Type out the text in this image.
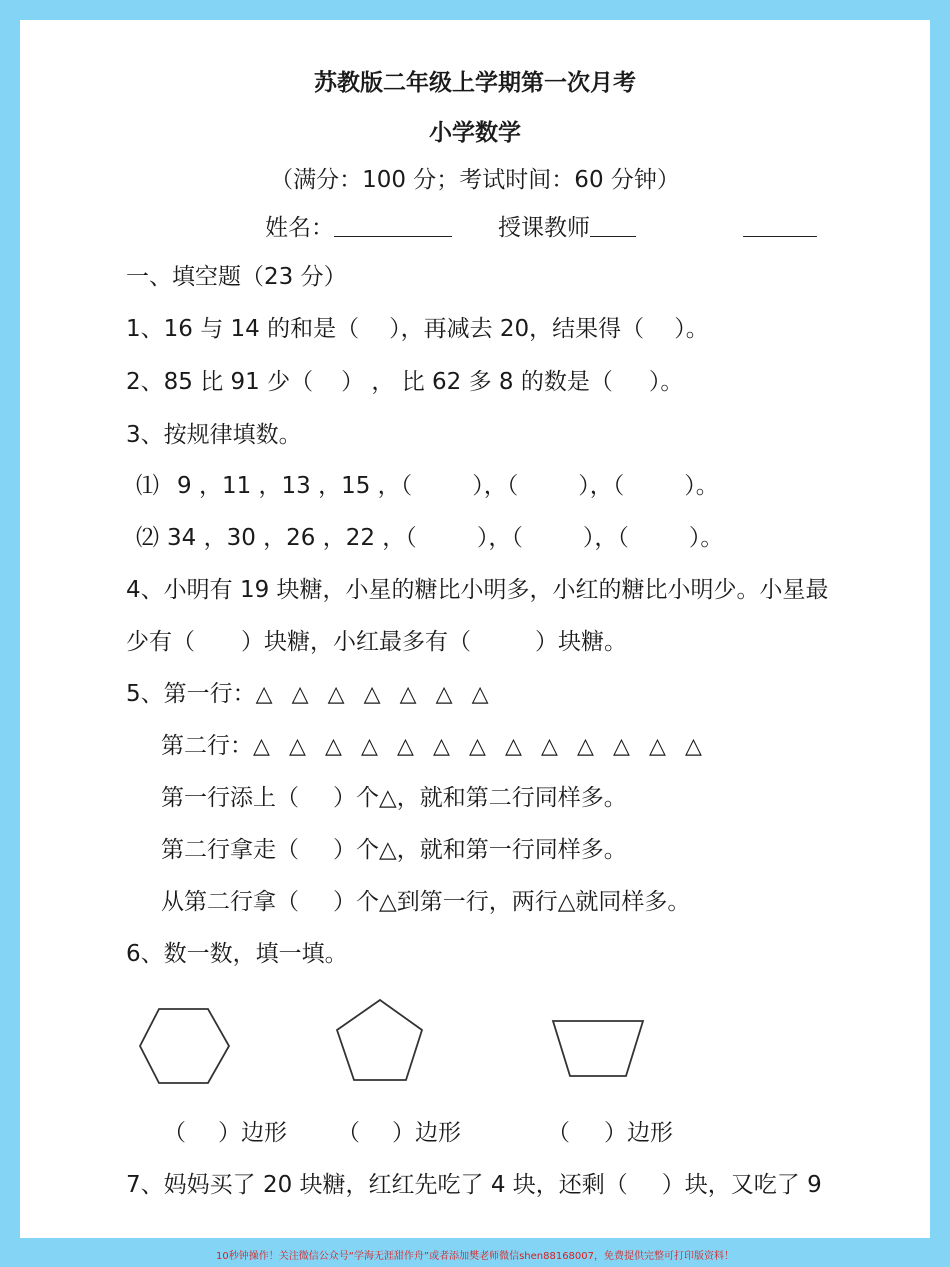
苏教版二年级上学期第一次月考
小学数学
（满分：100 分；考试时间：60 分钟）
姓名：	授课教师
一、填空题（23 分）
1、16 与 14 的和是（ ），再减去 20，结果得（ ）。
2、85 比 91 少（ ） ， 比 62 多 8 的数是（ ）。
3、按规律填数。
⑴ 9 ，11 ，13 ，15 ，（	），（	），（	）。
⑵ 34 ，30 ，26 ，22 ，（	），（	），（	）。
4、小明有 19 块糖，小星的糖比小明多，小红的糖比小明少。小星最
少有（ ）块糖，小红最多有（	）块糖。
5、第一行：△ △ △ △ △ △ △
第二行：△ △ △ △ △ △ △ △ △ △ △ △ △
第一行添上（ ）个△，就和第二行同样多。
第二行拿走（ ）个△，就和第一行同样多。
从第二行拿（ ）个△到第一行，两行△就同样多。
6、数一数，填一填。
（ ）边形 （ ）边形	（ ）边形
7、妈妈买了 20 块糖，红红先吃了 4 块，还剩（ ）块，又吃了 9
10秒钟操作！关注微信公众号“学海无涯甜作舟”或者添加樊老师微信shen88168007，免费提供完整可打印版资料！
